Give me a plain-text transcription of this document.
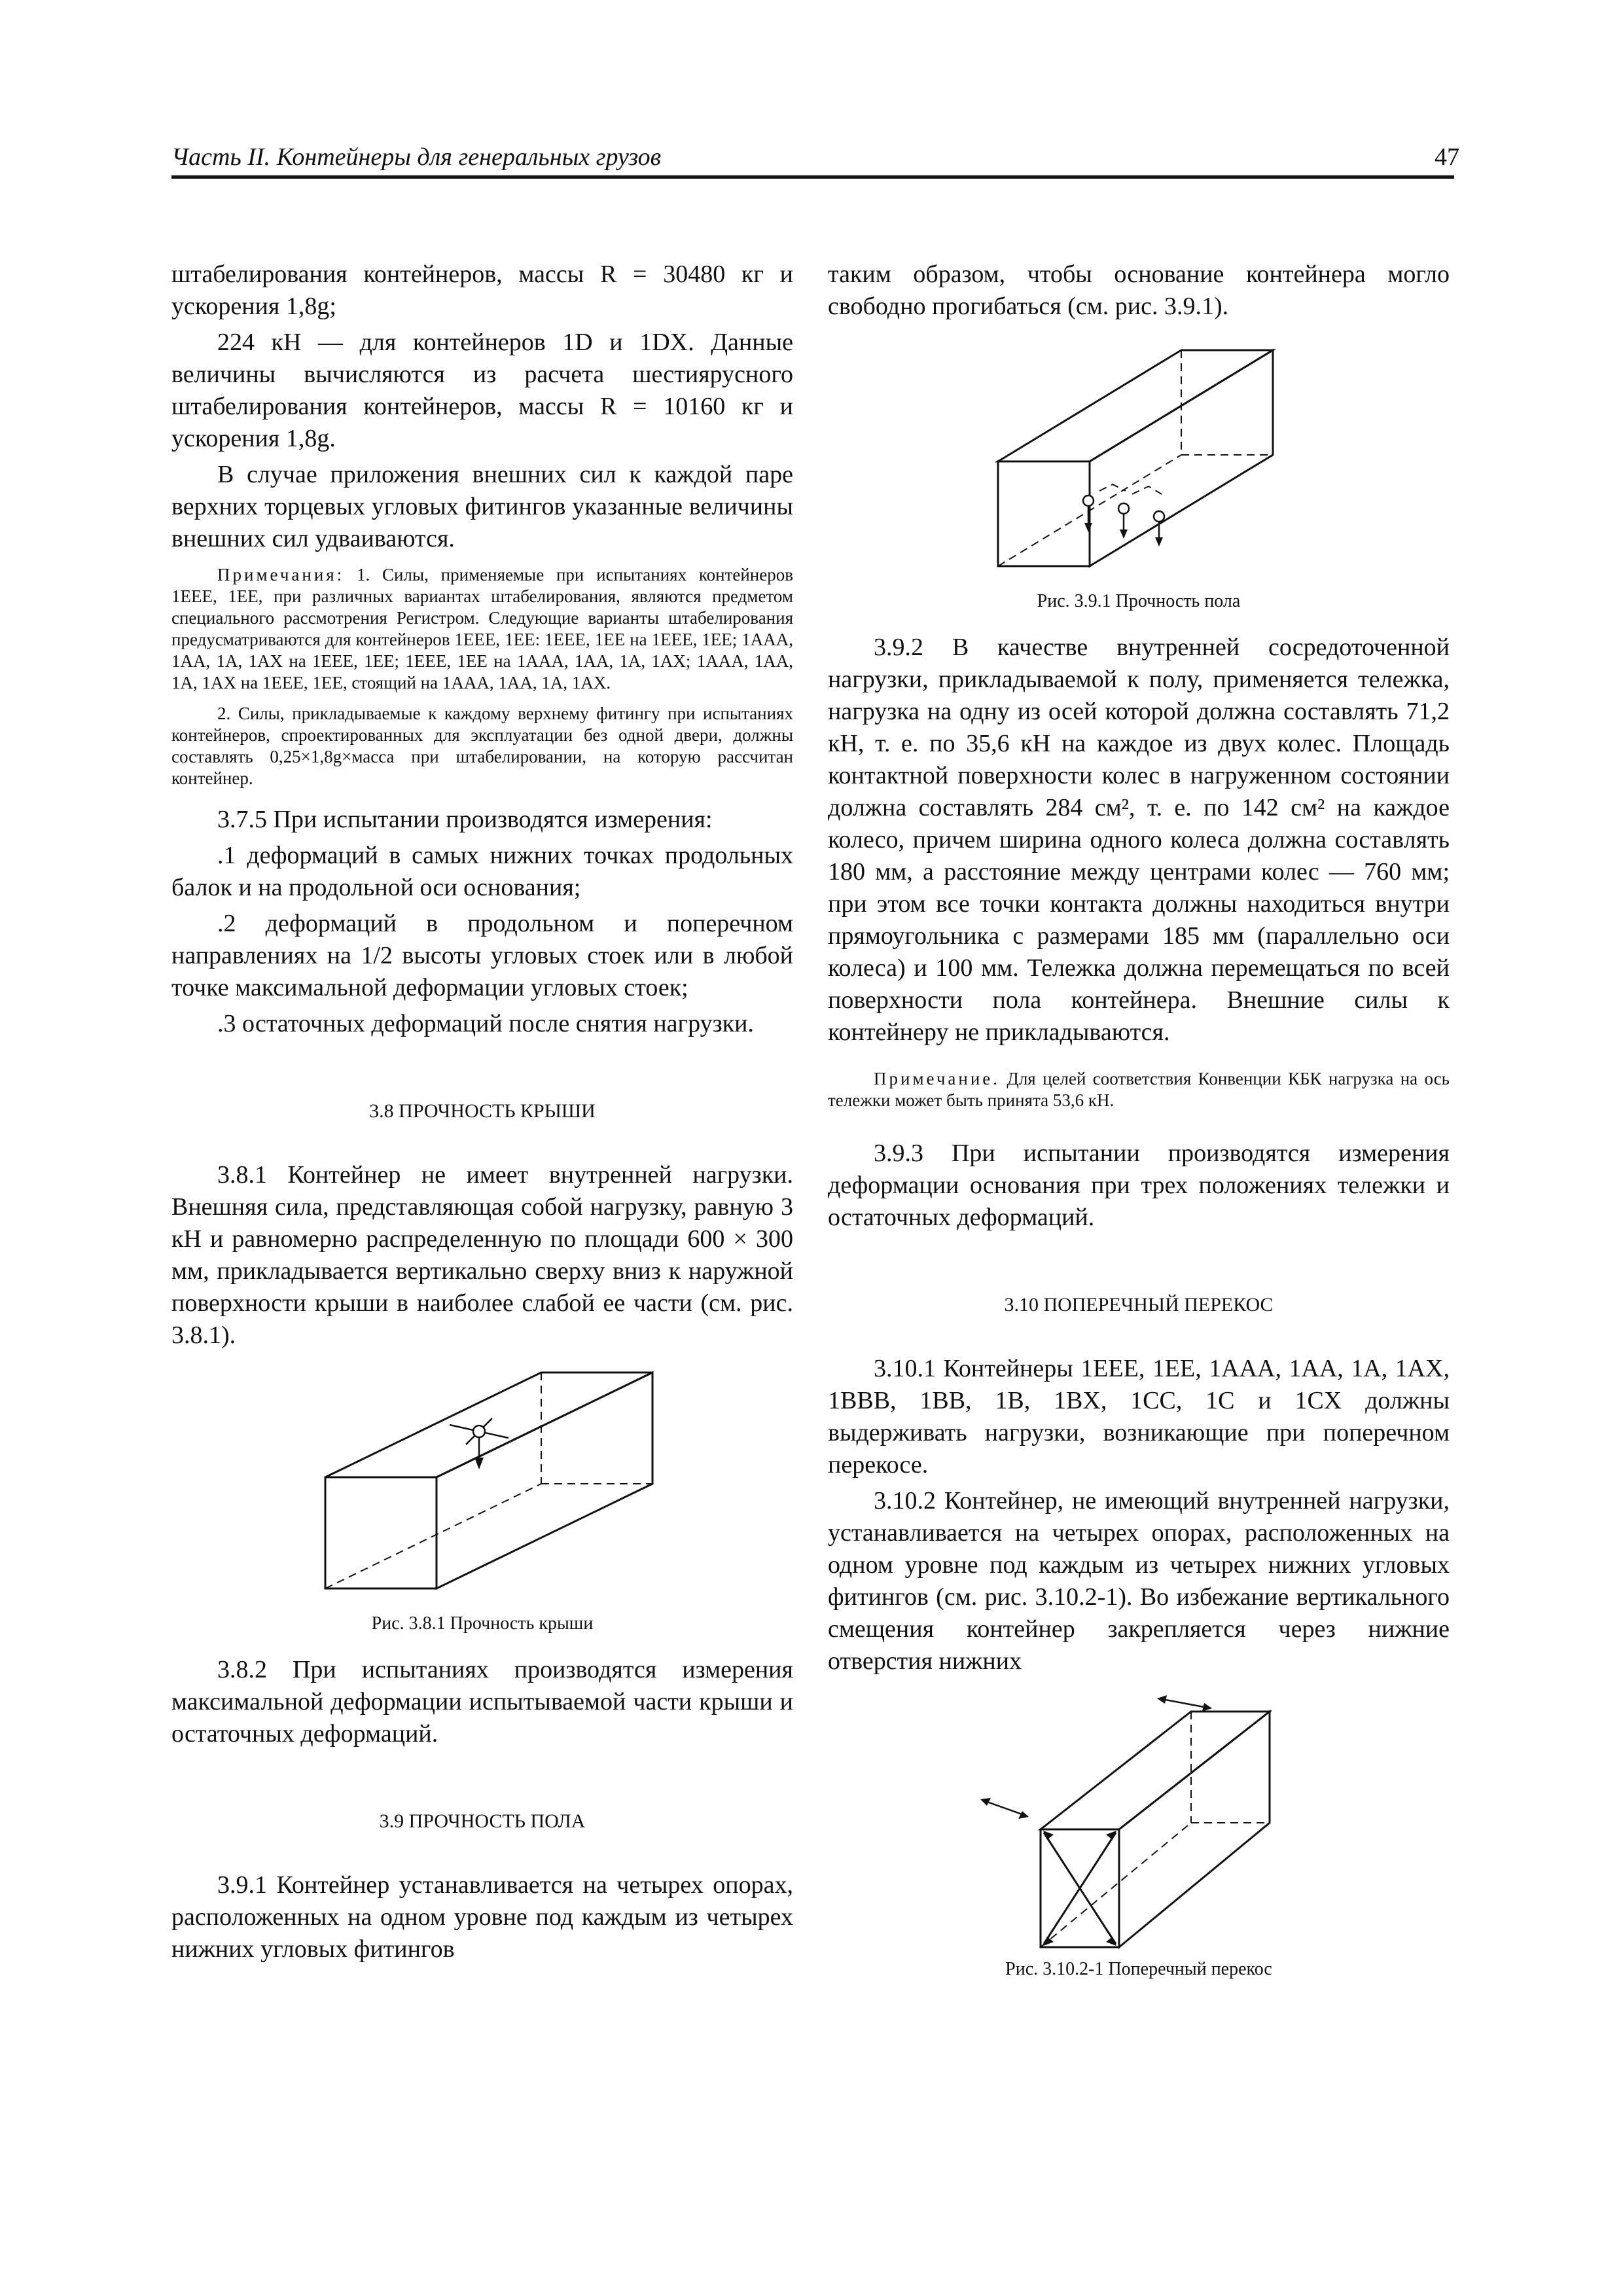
Часть II. Контейнеры для генеральных грузов	47

штабелирования контейнеров, массы R = 30480 кг и ускорения 1,8g;

224 кН — для контейнеров 1D и 1DX. Данные величины вычисляются из расчета шестиярусного штабелирования контейнеров, массы R = 10160 кг и ускорения 1,8g.

В случае приложения внешних сил к каждой паре верхних торцевых угловых фитингов указанные величины внешних сил удваиваются.

Примечания: 1. Силы, применяемые при испытаниях контейнеров 1EEE, 1EE, при различных вариантах штабелирования, являются предметом специального рассмотрения Регистром. Следующие варианты штабелирования предусматриваются для контейнеров 1EEE, 1EE: 1EEE, 1EE на 1EEE, 1EE; 1AAA, 1AA, 1A, 1AX на 1EEE, 1EE; 1EEE, 1EE на 1AAA, 1AA, 1A, 1AX; 1AAA, 1AA, 1A, 1AX на 1EEE, 1EE, стоящий на 1AAA, 1AA, 1A, 1AX.

2. Силы, прикладываемые к каждому верхнему фитингу при испытаниях контейнеров, спроектированных для эксплуатации без одной двери, должны составлять 0,25×1,8g×масса при штабелировании, на которую рассчитан контейнер.

3.7.5 При испытании производятся измерения:

.1 деформаций в самых нижних точках продольных балок и на продольной оси основания;

.2 деформаций в продольном и поперечном направлениях на 1/2 высоты угловых стоек или в любой точке максимальной деформации угловых стоек;

.3 остаточных деформаций после снятия нагрузки.

3.8 ПРОЧНОСТЬ КРЫШИ

3.8.1 Контейнер не имеет внутренней нагрузки. Внешняя сила, представляющая собой нагрузку, равную 3 кН и равномерно распределенную по площади 600 × 300 мм, прикладывается вертикально сверху вниз к наружной поверхности крыши в наиболее слабой ее части (см. рис. 3.8.1).

Рис. 3.8.1 Прочность крыши

3.8.2 При испытаниях производятся измерения максимальной деформации испытываемой части крыши и остаточных деформаций.

3.9 ПРОЧНОСТЬ ПОЛА

3.9.1 Контейнер устанавливается на четырех опорах, расположенных на одном уровне под каждым из четырех нижних угловых фитингов

таким образом, чтобы основание контейнера могло свободно прогибаться (см. рис. 3.9.1).

Рис. 3.9.1 Прочность пола

3.9.2 В качестве внутренней сосредоточенной нагрузки, прикладываемой к полу, применяется тележка, нагрузка на одну из осей которой должна составлять 71,2 кН, т. е. по 35,6 кН на каждое из двух колес. Площадь контактной поверхности колес в нагруженном состоянии должна составлять 284 см², т. е. по 142 см² на каждое колесо, причем ширина одного колеса должна составлять 180 мм, а расстояние между центрами колес — 760 мм; при этом все точки контакта должны находиться внутри прямоугольника с размерами 185 мм (параллельно оси колеса) и 100 мм. Тележка должна перемещаться по всей поверхности пола контейнера. Внешние силы к контейнеру не прикладываются.

Примечание. Для целей соответствия Конвенции КБК нагрузка на ось тележки может быть принята 53,6 кН.

3.9.3 При испытании производятся измерения деформации основания при трех положениях тележки и остаточных деформаций.

3.10 ПОПЕРЕЧНЫЙ ПЕРЕКОС

3.10.1 Контейнеры 1EEE, 1EE, 1AAA, 1AA, 1A, 1AX, 1BBB, 1BB, 1B, 1BX, 1CC, 1C и 1CX должны выдерживать нагрузки, возникающие при поперечном перекосе.

3.10.2 Контейнер, не имеющий внутренней нагрузки, устанавливается на четырех опорах, расположенных на одном уровне под каждым из четырех нижних угловых фитингов (см. рис. 3.10.2-1). Во избежание вертикального смещения контейнер закрепляется через нижние отверстия нижних

Рис. 3.10.2-1 Поперечный перекос
